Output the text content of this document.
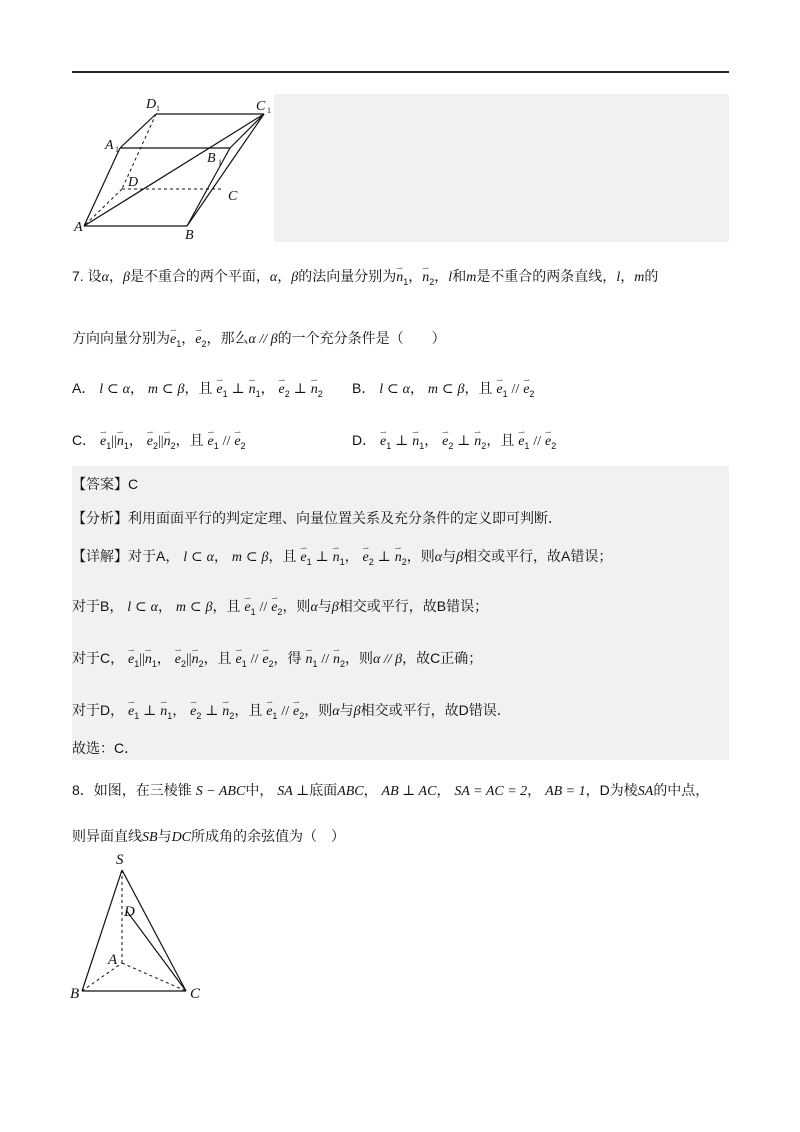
D 1	C 1
A 1
B 1
D
C
A
B
7. 设α，β是不重合的两个平面，α，β的法向量分别为⇀ $n_1$，⇀ $n_2$，l和m是不重合的两条直线，l，m的
方向向量分别为⇀ $e_1$，⇀ $e_2$，那么α // β的一个充分条件是（　　）
A． l ⊂ α， m ⊂ β，且 ⇀ $e_1$ ⊥ ⇀ $n_1$， ⇀ $e_2$ ⊥ ⇀ $n_2$ B． l ⊂ α， m ⊂ β，且 ⇀ $e_1$ // ⇀ $e_2$
C． ⇀ $e_1||⇀$ $n_1$， ⇀ $e_2||⇀$ $n_2$，且 ⇀ $e_1$ // ⇀ $e_2$	D． ⇀ $e_1$ ⊥ ⇀ $n_1$， ⇀ $e_2$ ⊥ ⇀ $n_2$，且 ⇀ $e_1$ // ⇀ $e_2$
【答案】C
【分析】利用面面平行的判定定理、向量位置关系及充分条件的定义即可判断．
【详解】对于A， l ⊂ α， m ⊂ β，且 ⇀ $e_1$ ⊥ ⇀ $n_1$， ⇀ $e_2$ ⊥ ⇀ $n_2$，则α与β相交或平行，故A错误；
对于B， l ⊂ α， m ⊂ β，且 ⇀ $e_1$ // ⇀ $e_2$，则α与β相交或平行，故B错误；
对于C， ⇀ $e_1||⇀$ $n_1$， ⇀ $e_2||⇀$ $n_2$，且 ⇀ $e_1$ // ⇀ $e_2$，得 ⇀ $n_1$ // ⇀ $n_2$，则α // β，故C正确；
对于D， ⇀ $e_1$ ⊥ ⇀ $n_1$， ⇀ $e_2$ ⊥ ⇀ $n_2$，且 ⇀ $e_1$ // ⇀ $e_2$，则α与β相交或平行，故D错误．
故选：C．
8．如图，在三棱锥 S − ABC中， SA ⊥底面ABC， AB ⊥ AC， SA = AC = 2， AB = 1，D为棱SA的中点，
则异面直线SB与DC所成角的余弦值为（　）
S
D
A
B	C
